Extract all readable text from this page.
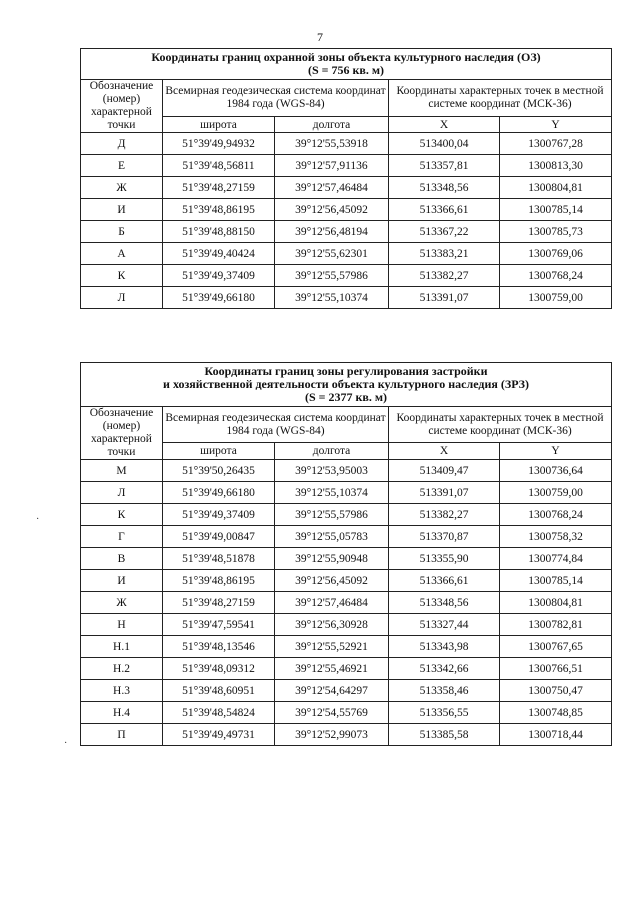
7
Координаты границ охранной зоны объекта культурного наследия (ОЗ)
(S = 756 кв. м)				
Обозначение (номер) характерной точки	Всемирная геодезическая система координат 1984 года (WGS-84)		Координаты характерных точек в местной системе координат (МСК-36)	
	широта	долгота	X	Y
Д	51°39'49,94932	39°12'55,53918	513400,04	1300767,28
Е	51°39'48,56811	39°12'57,91136	513357,81	1300813,30
Ж	51°39'48,27159	39°12'57,46484	513348,56	1300804,81
И	51°39'48,86195	39°12'56,45092	513366,61	1300785,14
Б	51°39'48,88150	39°12'56,48194	513367,22	1300785,73
А	51°39'49,40424	39°12'55,62301	513383,21	1300769,06
К	51°39'49,37409	39°12'55,57986	513382,27	1300768,24
Л	51°39'49,66180	39°12'55,10374	513391,07	1300759,00
Координаты границ зоны регулирования застройки
и хозяйственной деятельности объекта культурного наследия (ЗРЗ)
(S = 2377 кв. м)				
Обозначение (номер) характерной точки	Всемирная геодезическая система координат 1984 года (WGS-84)		Координаты характерных точек в местной системе координат (МСК-36)	
	широта	долгота	X	Y
М	51°39'50,26435	39°12'53,95003	513409,47	1300736,64
Л	51°39'49,66180	39°12'55,10374	513391,07	1300759,00
К	51°39'49,37409	39°12'55,57986	513382,27	1300768,24
Г	51°39'49,00847	39°12'55,05783	513370,87	1300758,32
В	51°39'48,51878	39°12'55,90948	513355,90	1300774,84
И	51°39'48,86195	39°12'56,45092	513366,61	1300785,14
Ж	51°39'48,27159	39°12'57,46484	513348,56	1300804,81
Н	51°39'47,59541	39°12'56,30928	513327,44	1300782,81
Н.1	51°39'48,13546	39°12'55,52921	513343,98	1300767,65
Н.2	51°39'48,09312	39°12'55,46921	513342,66	1300766,51
Н.3	51°39'48,60951	39°12'54,64297	513358,46	1300750,47
Н.4	51°39'48,54824	39°12'54,55769	513356,55	1300748,85
П	51°39'49,49731	39°12'52,99073	513385,58	1300718,44
·
·
